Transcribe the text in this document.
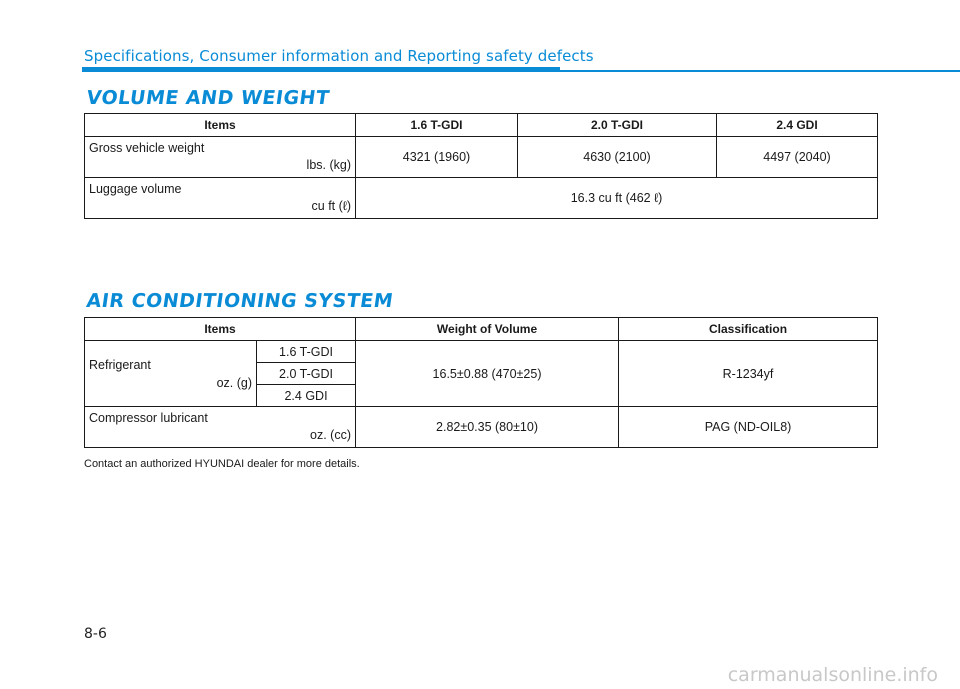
Specifications, Consumer information and Reporting safety defects
VOLUME AND WEIGHT
Items	1.6 T-GDI	2.0 T-GDI	2.4 GDI

Gross vehicle weight
lbs. (kg)	4321 (1960)	4630 (2100)	4497 (2040)

Luggage volume
cu ft (ℓ)	16.3 cu ft (462 ℓ)		
AIR CONDITIONING SYSTEM
Items		Weight of Volume	Classification

Refrigerant
oz. (g)	1.6 T-GDI	16.5±0.88 (470±25)	R-1234yf
	2.0 T-GDI		
	2.4 GDI		

Compressor lubricant
oz. (cc)		2.82±0.35 (80±10)	PAG (ND-OIL8)
Contact an authorized HYUNDAI dealer for more details.
8-6
carmanualsonline.info
